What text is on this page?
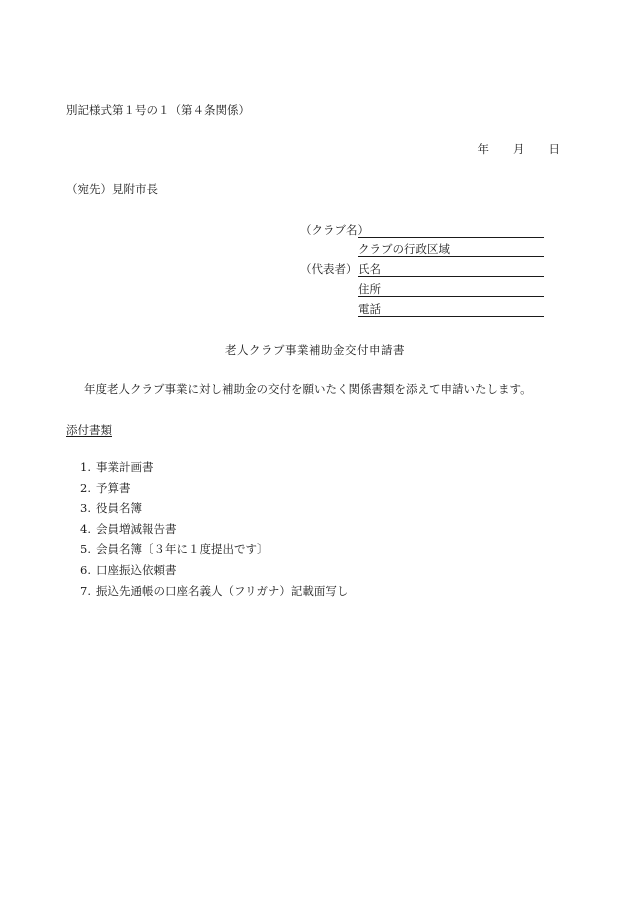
別記様式第１号の１（第４条関係）
年 月 日
（宛先）見附市長
（クラブ名）
クラブの行政区域
（代表者） 氏名
住所
電話
老人クラブ事業補助金交付申請書
年度老人クラブ事業に対し補助金の交付を願いたく関係書類を添えて申請いたします。
添付書類
1. 事業計画書
2. 予算書
3. 役員名簿
4. 会員増減報告書
5. 会員名簿〔３年に１度提出です〕
6. 口座振込依頼書
7. 振込先通帳の口座名義人（フリガナ）記載面写し
